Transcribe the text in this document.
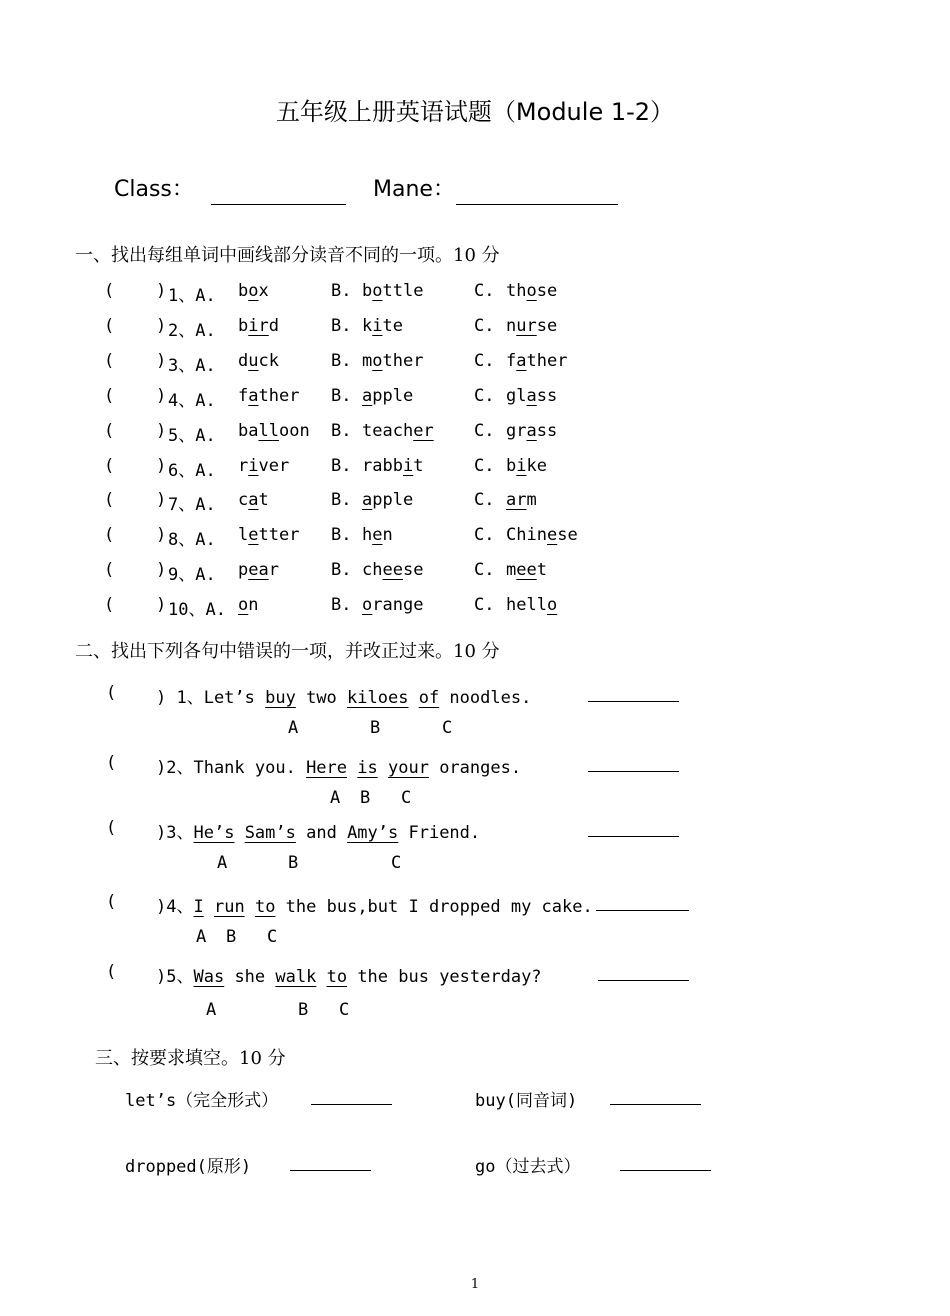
五年级上册英语试题（Module 1-2）
Class：	Mane：
一、找出每组单词中画线部分读音不同的一项。10 分
( ) 1、A. box	B. bottle	C. those
( ) 2、A. bird	B. kite	C. nurse
( ) 3、A. duck	B. mother	C. father
( ) 4、A. father B. apple	C. glass
( ) 5、A. balloon B. teacher C. grass
( ) 6、A. river B. rabbit	C. bike
( ) 7、A. cat	B. apple	C. arm
( ) 8、A. letter B. hen	C. Chinese
( ) 9、A. pear	B. cheese	C. meet
( ) 10、A. on	B. orange	C. hello
二、找出下列各句中错误的一项，并改正过来。10 分
( ) 1、Let’s buy two kiloes of noodles.
A	B	C
( )2、Thank you. Here is your oranges.
A B C
( )3、He’s Sam’s and Amy’s Friend.
A	B	C
( )4、I run to the bus,but I dropped my cake.
A B C
( )5、Was she walk to the bus yesterday?
A	B C
三、按要求填空。10 分
let’s（完全形式）	buy(同音词)
dropped(原形)	go（过去式）
1
